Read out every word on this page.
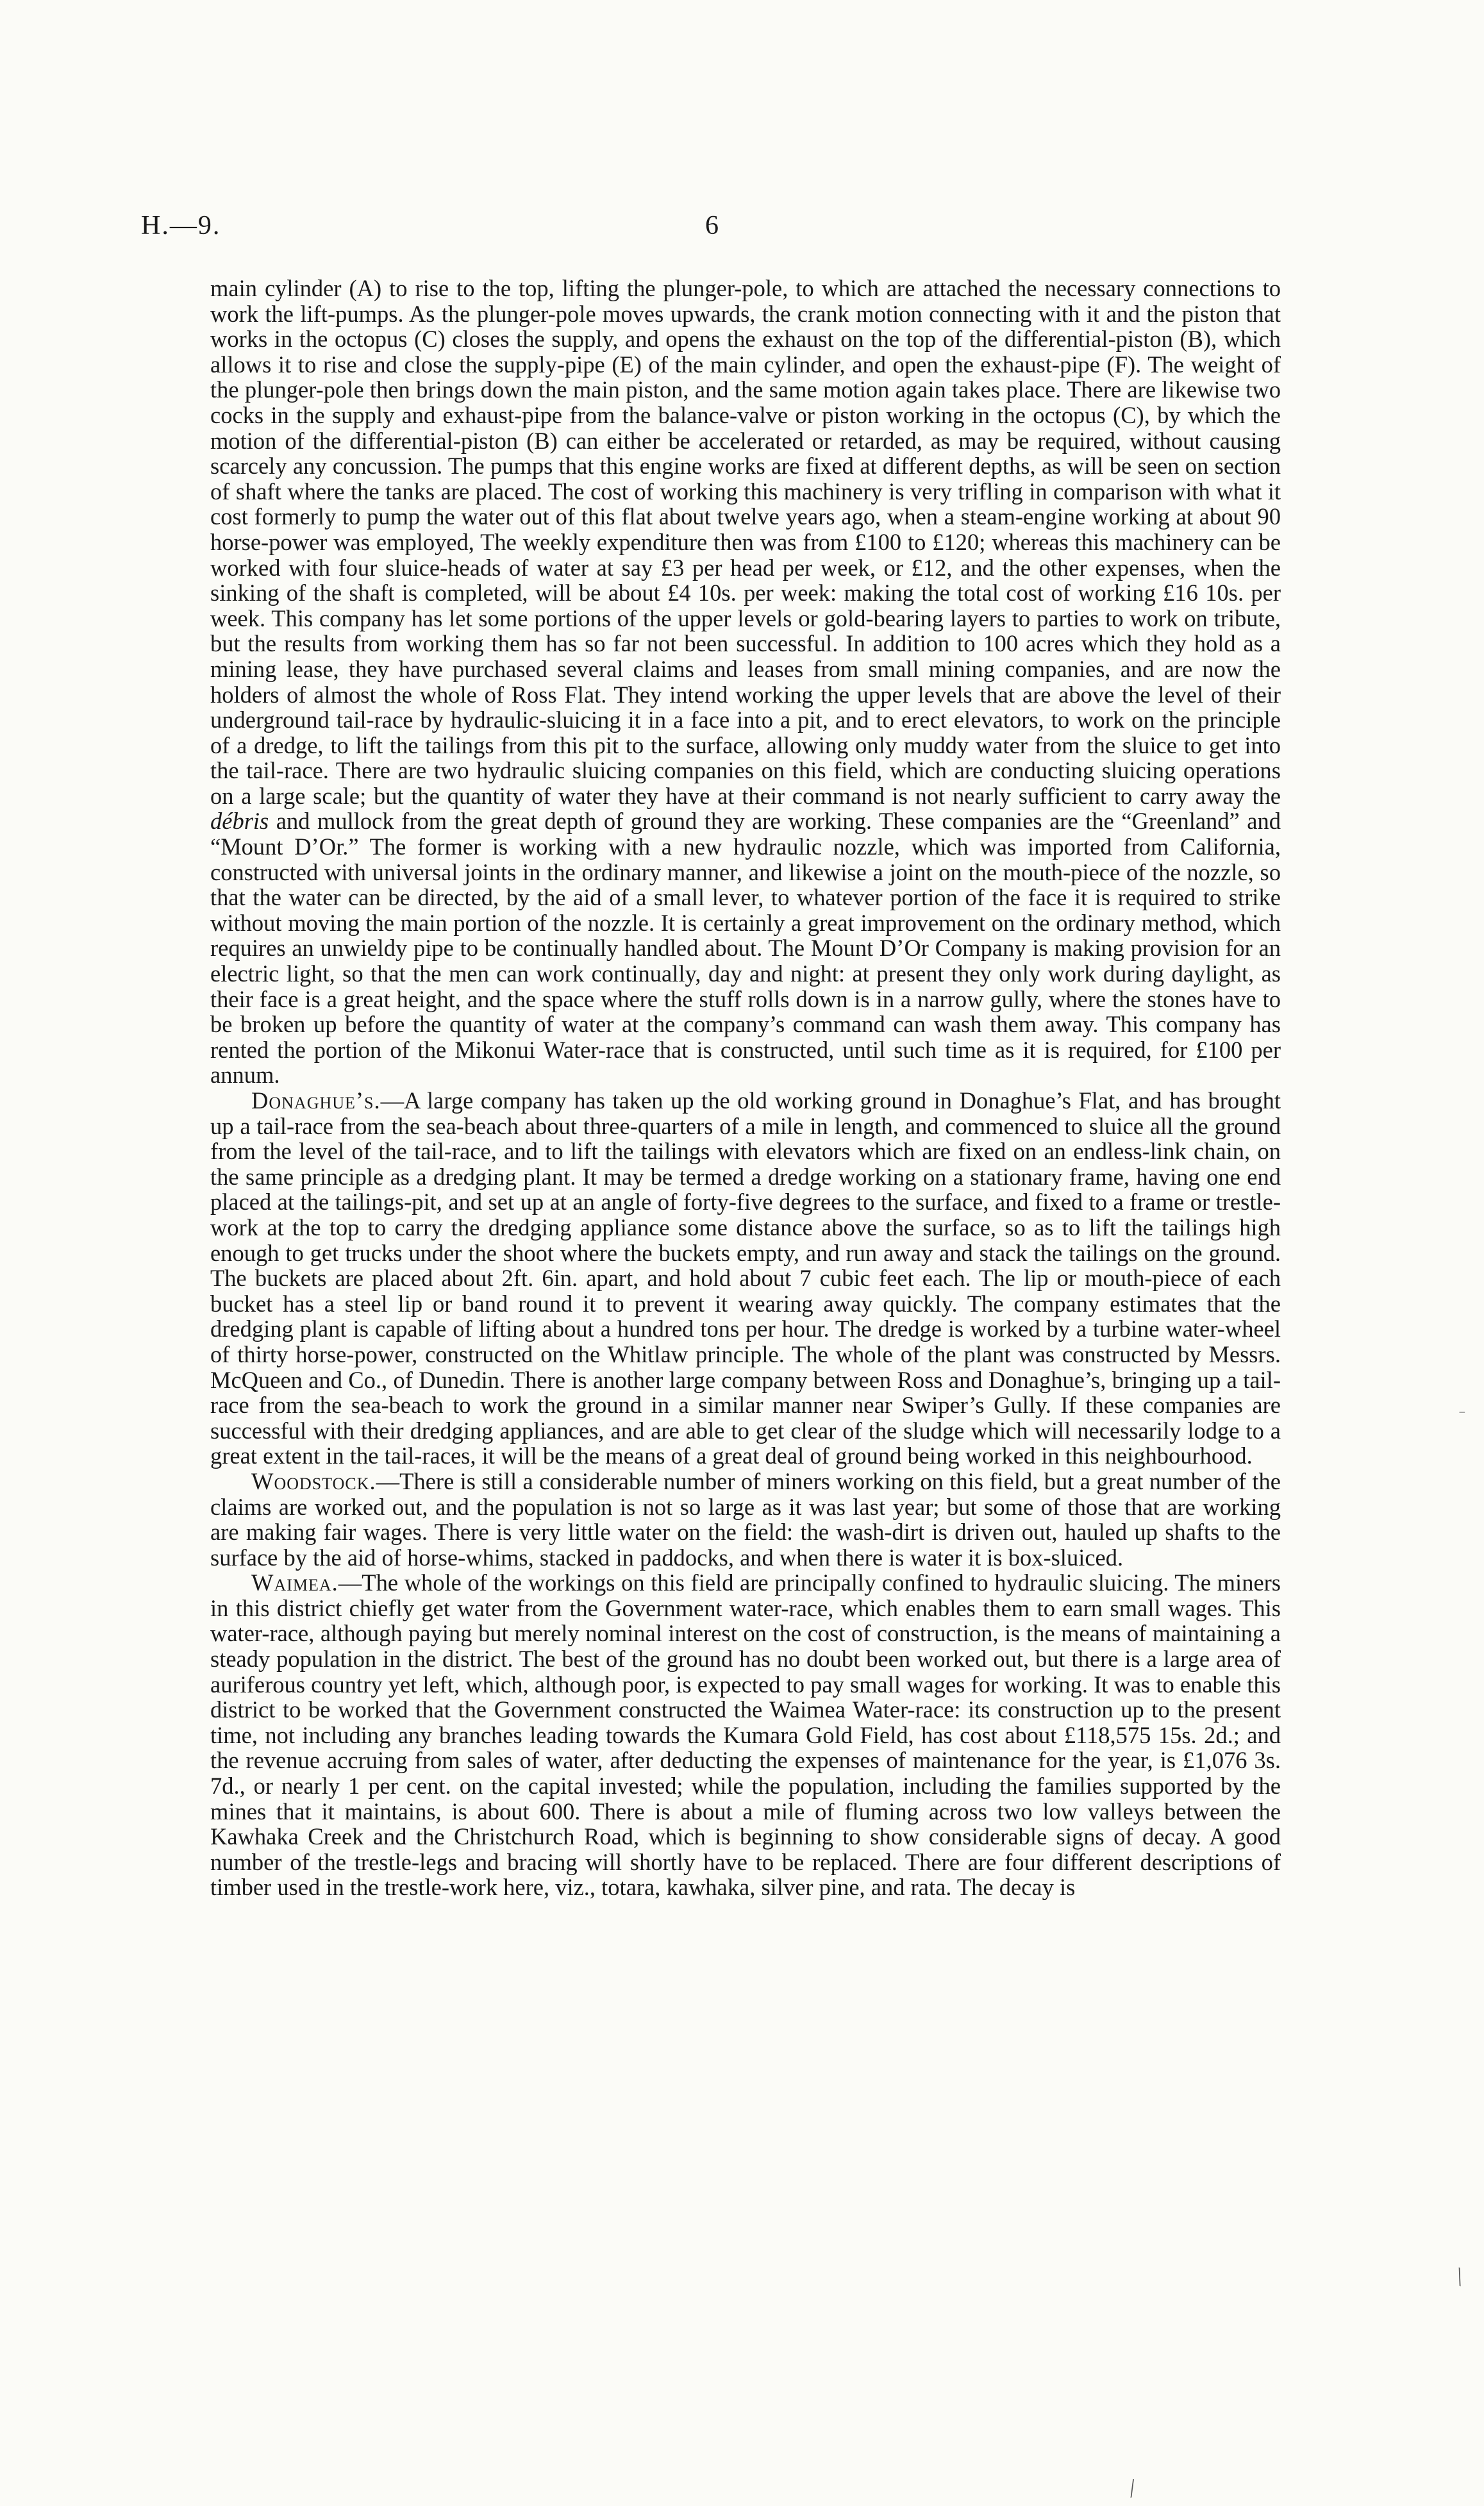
H.—9.	6

main cylinder (A) to rise to the top, lifting the plunger-pole, to which are attached the necessary connections to work the lift-pumps. As the plunger-pole moves upwards, the crank motion connecting with it and the piston that works in the octopus (C) closes the supply, and opens the exhaust on the top of the differential-piston (B), which allows it to rise and close the supply-pipe (E) of the main cylinder, and open the exhaust-pipe (F). The weight of the plunger-pole then brings down the main piston, and the same motion again takes place. There are likewise two cocks in the supply and exhaust-pipe from the balance-valve or piston working in the octopus (C), by which the motion of the differential-piston (B) can either be accelerated or retarded, as may be required, without causing scarcely any concussion. The pumps that this engine works are fixed at different depths, as will be seen on section of shaft where the tanks are placed. The cost of working this machinery is very trifling in comparison with what it cost formerly to pump the water out of this flat about twelve years ago, when a steam-engine working at about 90 horse-power was employed, The weekly expenditure then was from £100 to £120; whereas this machinery can be worked with four sluice-heads of water at say £3 per head per week, or £12, and the other expenses, when the sinking of the shaft is completed, will be about £4 10s. per week: making the total cost of working £16 10s. per week. This company has let some portions of the upper levels or gold-bearing layers to parties to work on tribute, but the results from working them has so far not been successful. In addition to 100 acres which they hold as a mining lease, they have purchased several claims and leases from small mining companies, and are now the holders of almost the whole of Ross Flat. They intend working the upper levels that are above the level of their underground tail-race by hydraulic-sluicing it in a face into a pit, and to erect elevators, to work on the principle of a dredge, to lift the tailings from this pit to the surface, allowing only muddy water from the sluice to get into the tail-race. There are two hydraulic sluicing companies on this field, which are conducting sluicing operations on a large scale; but the quantity of water they have at their command is not nearly sufficient to carry away the débris and mullock from the great depth of ground they are working. These companies are the “Greenland” and “Mount D’Or.” The former is working with a new hydraulic nozzle, which was imported from California, constructed with universal joints in the ordinary manner, and likewise a joint on the mouth-piece of the nozzle, so that the water can be directed, by the aid of a small lever, to whatever portion of the face it is required to strike without moving the main portion of the nozzle. It is certainly a great improvement on the ordinary method, which requires an unwieldy pipe to be continually handled about. The Mount D’Or Company is making provision for an electric light, so that the men can work continually, day and night: at present they only work during daylight, as their face is a great height, and the space where the stuff rolls down is in a narrow gully, where the stones have to be broken up before the quantity of water at the company’s command can wash them away. This company has rented the portion of the Mikonui Water-race that is constructed, until such time as it is required, for £100 per annum.

Donaghue’s.—A large company has taken up the old working ground in Donaghue’s Flat, and has brought up a tail-race from the sea-beach about three-quarters of a mile in length, and commenced to sluice all the ground from the level of the tail-race, and to lift the tailings with elevators which are fixed on an endless-link chain, on the same principle as a dredging plant. It may be termed a dredge working on a stationary frame, having one end placed at the tailings-pit, and set up at an angle of forty-five degrees to the surface, and fixed to a frame or trestle-work at the top to carry the dredging appliance some distance above the surface, so as to lift the tailings high enough to get trucks under the shoot where the buckets empty, and run away and stack the tailings on the ground. The buckets are placed about 2ft. 6in. apart, and hold about 7 cubic feet each. The lip or mouth-piece of each bucket has a steel lip or band round it to prevent it wearing away quickly. The company estimates that the dredging plant is capable of lifting about a hundred tons per hour. The dredge is worked by a turbine water-wheel of thirty horse-power, constructed on the Whitlaw principle. The whole of the plant was constructed by Messrs. McQueen and Co., of Dunedin. There is another large company between Ross and Donaghue’s, bringing up a tail-race from the sea-beach to work the ground in a similar manner near Swiper’s Gully. If these companies are successful with their dredging appliances, and are able to get clear of the sludge which will necessarily lodge to a great extent in the tail-races, it will be the means of a great deal of ground being worked in this neighbourhood.

Woodstock.—There is still a considerable number of miners working on this field, but a great number of the claims are worked out, and the population is not so large as it was last year; but some of those that are working are making fair wages. There is very little water on the field: the wash-dirt is driven out, hauled up shafts to the surface by the aid of horse-whims, stacked in paddocks, and when there is water it is box-sluiced.

Waimea.—The whole of the workings on this field are principally confined to hydraulic sluicing. The miners in this district chiefly get water from the Government water-race, which enables them to earn small wages. This water-race, although paying but merely nominal interest on the cost of construction, is the means of maintaining a steady population in the district. The best of the ground has no doubt been worked out, but there is a large area of auriferous country yet left, which, although poor, is expected to pay small wages for working. It was to enable this district to be worked that the Government constructed the Waimea Water-race: its construction up to the present time, not including any branches leading towards the Kumara Gold Field, has cost about £118,575 15s. 2d.; and the revenue accruing from sales of water, after deducting the expenses of maintenance for the year, is £1,076 3s. 7d., or nearly 1 per cent. on the capital invested; while the population, including the families supported by the mines that it maintains, is about 600. There is about a mile of fluming across two low valleys between the Kawhaka Creek and the Christchurch Road, which is beginning to show considerable signs of decay. A good number of the trestle-legs and bracing will shortly have to be replaced. There are four different descriptions of timber used in the trestle-work here, viz., totara, kawhaka, silver pine, and rata. The decay is

⁻
╲
╱
